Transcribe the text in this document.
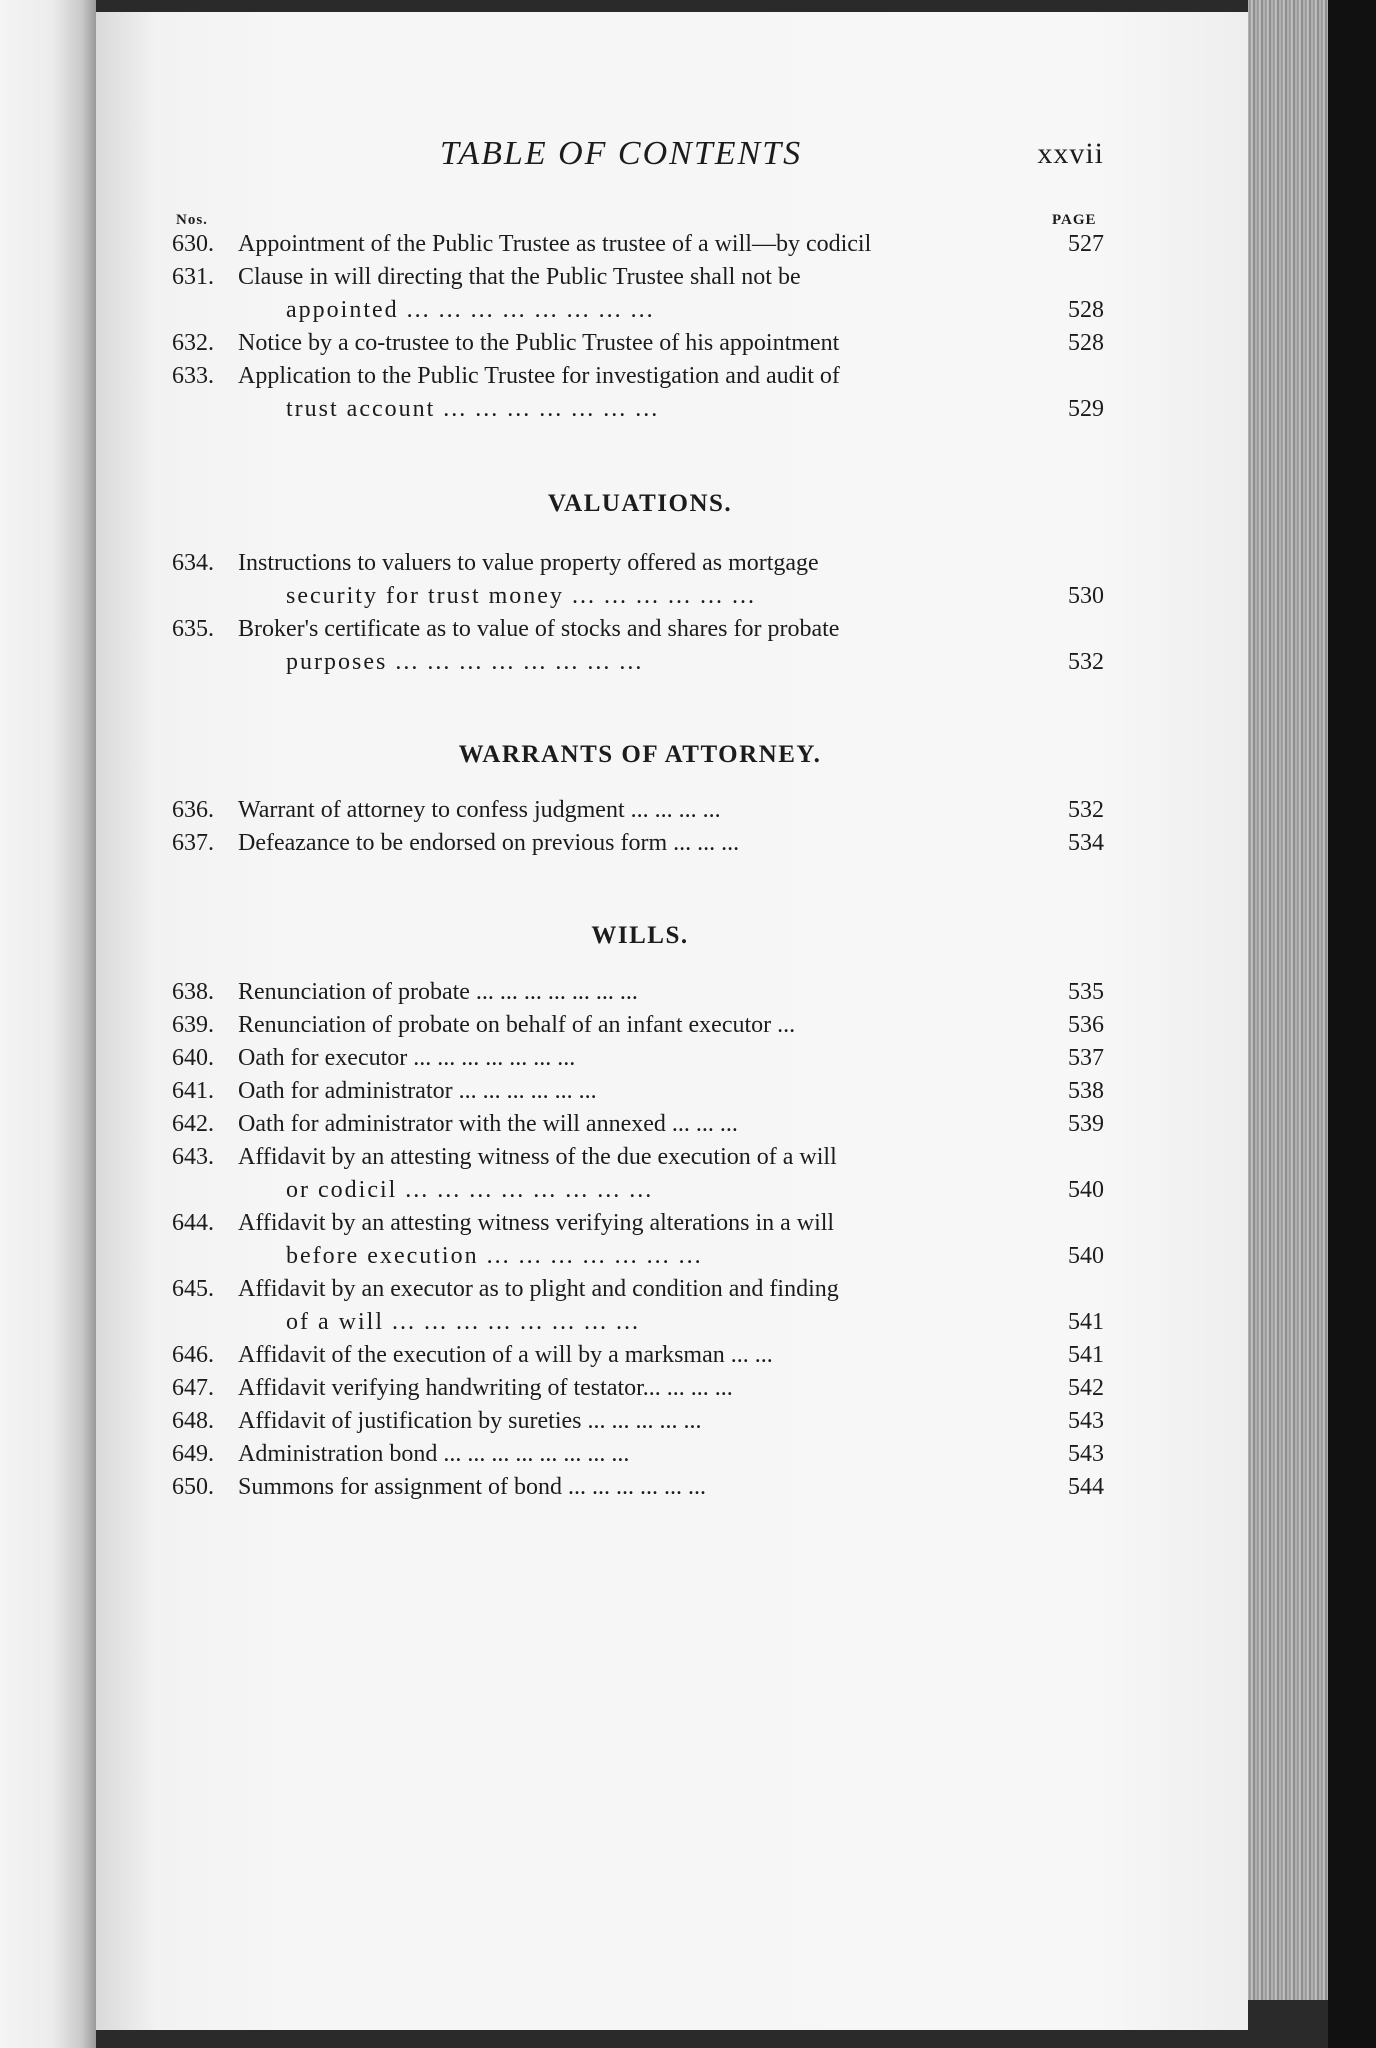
TABLE OF CONTENTS	xxvii
Nos.	PAGE
630. Appointment of the Public Trustee as trustee of a will—by codicil	527
631. Clause in will directing that the Public Trustee shall not be
appointed ... ... ... ... ... ... ... ...	528
632. Notice by a co-trustee to the Public Trustee of his appointment	528
633. Application to the Public Trustee for investigation and audit of
trust account ... ... ... ... ... ... ...	529
VALUATIONS.
634. Instructions to valuers to value property offered as mortgage
security for trust money ... ... ... ... ... ...	530
635. Broker's certificate as to value of stocks and shares for probate
purposes ... ... ... ... ... ... ... ...	532
WARRANTS OF ATTORNEY.
636. Warrant of attorney to confess judgment ... ... ... ...	532
637. Defeazance to be endorsed on previous form ... ... ...	534
WILLS.
638. Renunciation of probate ... ... ... ... ... ... ...	535
639. Renunciation of probate on behalf of an infant executor ...	536
640. Oath for executor ... ... ... ... ... ... ...	537
641. Oath for administrator ... ... ... ... ... ...	538
642. Oath for administrator with the will annexed ... ... ...	539
643. Affidavit by an attesting witness of the due execution of a will
or codicil ... ... ... ... ... ... ... ...	540
644. Affidavit by an attesting witness verifying alterations in a will
before execution ... ... ... ... ... ... ...	540
645. Affidavit by an executor as to plight and condition and finding
of a will ... ... ... ... ... ... ... ...	541
646. Affidavit of the execution of a will by a marksman ... ...	541
647. Affidavit verifying handwriting of testator... ... ... ...	542
648. Affidavit of justification by sureties ... ... ... ... ...	543
649. Administration bond ... ... ... ... ... ... ... ...	543
650. Summons for assignment of bond ... ... ... ... ... ...	544
